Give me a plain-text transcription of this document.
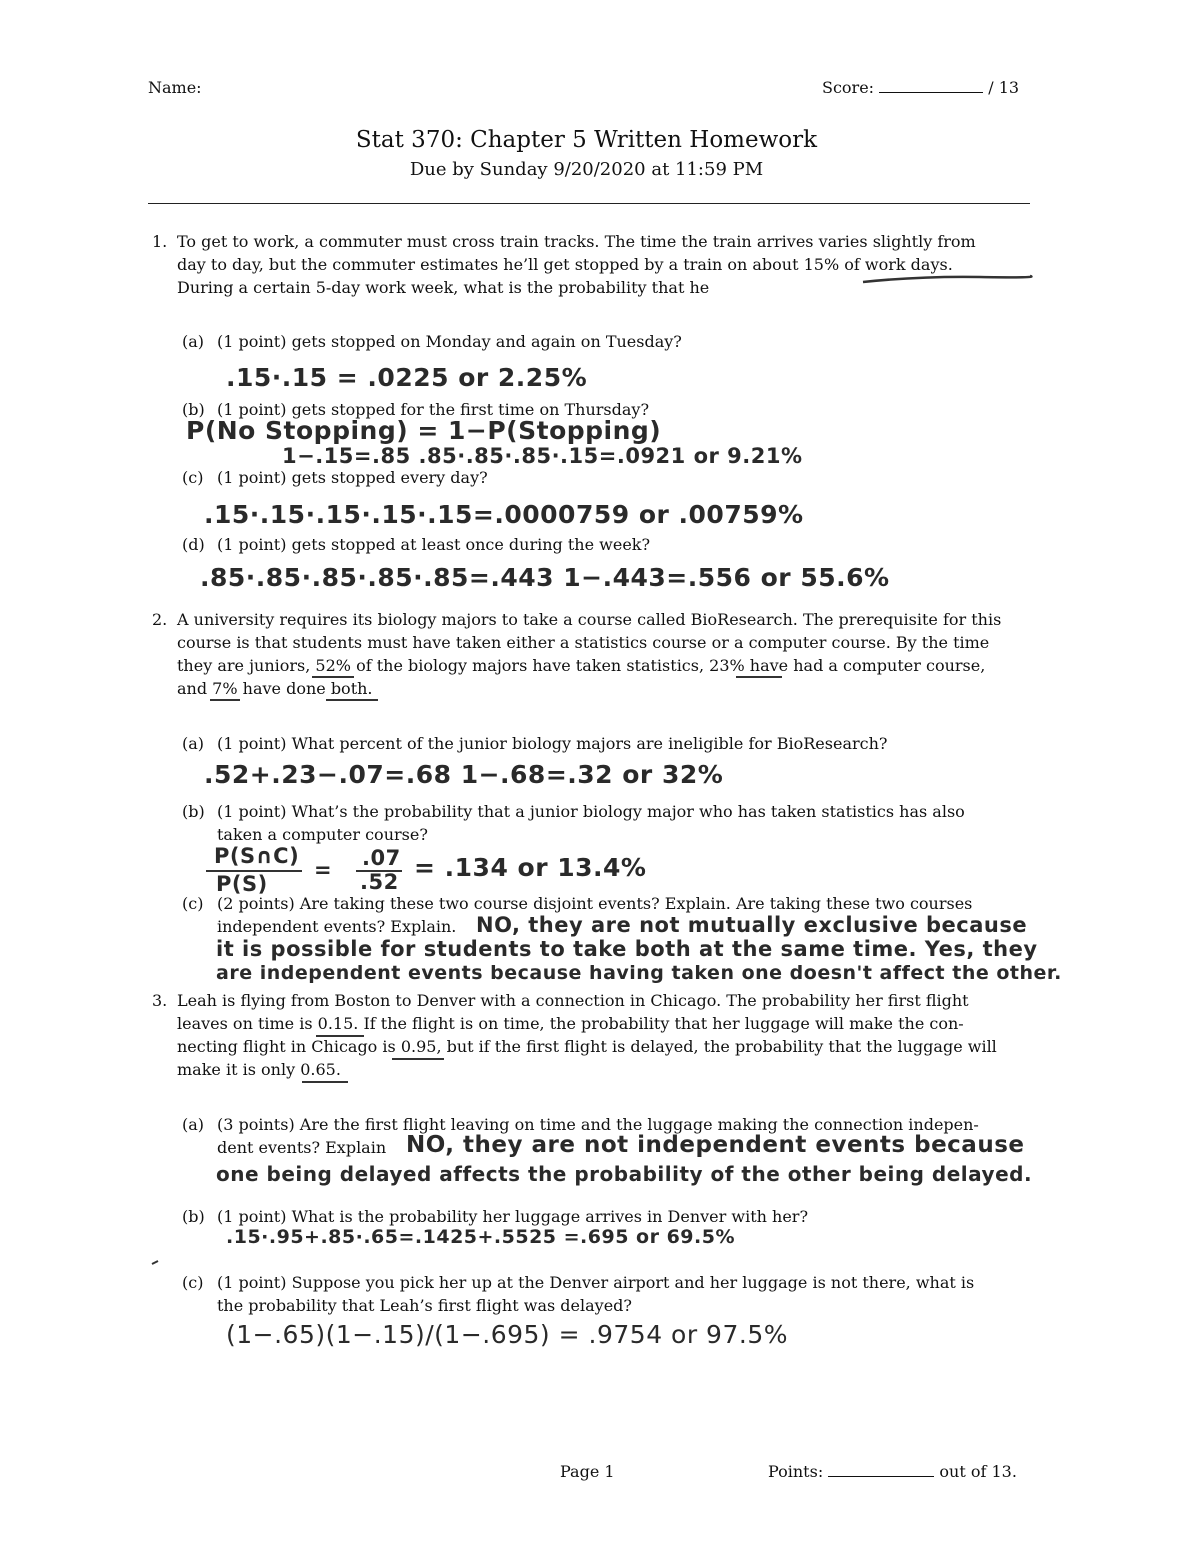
Name:	Score:	/ 13
Stat 370: Chapter 5 Written Homework
Due by Sunday 9/20/2020 at 11:59 PM
1. To get to work, a commuter must cross train tracks. The time the train arrives varies slightly from
day to day, but the commuter estimates he’ll get stopped by a train on about 15% of work days.
During a certain 5-day work week, what is the probability that he
(a) (1 point) gets stopped on Monday and again on Tuesday?
.15·.15 = .0225 or 2.25%
(b) (1 point) gets stopped for the first time on Thursday?
P(No Stopping) = 1−P(Stopping)
1−.15=.85 .85·.85·.85·.15=.0921 or 9.21%
(c) (1 point) gets stopped every day?
.15·.15·.15·.15·.15=.0000759 or .00759%
(d) (1 point) gets stopped at least once during the week?
.85·.85·.85·.85·.85=.443 1−.443=.556 or 55.6%
2. A university requires its biology majors to take a course called BioResearch. The prerequisite for this
course is that students must have taken either a statistics course or a computer course. By the time
they are juniors, 52% of the biology majors have taken statistics, 23% have had a computer course,
and 7% have done both.
(a) (1 point) What percent of the junior biology majors are ineligible for BioResearch?
.52+.23−.07=.68 1−.68=.32 or 32%
(b) (1 point) What’s the probability that a junior biology major who has taken statistics has also
taken a computer course?
P(S∩C)
P(S)
= .07
.52 = .134 or 13.4%
(c) (2 points) Are taking these two course disjoint events? Explain. Are taking these two courses
independent events? Explain. NO, they are not mutually exclusive because
it is possible for students to take both at the same time. Yes, they
are independent events because having taken one doesn't affect the other.
3. Leah is flying from Boston to Denver with a connection in Chicago. The probability her first flight
leaves on time is 0.15. If the flight is on time, the probability that her luggage will make the con-
necting flight in Chicago is 0.95, but if the first flight is delayed, the probability that the luggage will
make it is only 0.65.
(a) (3 points) Are the first flight leaving on time and the luggage making the connection indepen-
dent events? Explain NO, they are not independent events because
one being delayed affects the probability of the other being delayed.
(b) (1 point) What is the probability her luggage arrives in Denver with her?
.15·.95+.85·.65=.1425+.5525 =.695 or 69.5%
(c) (1 point) Suppose you pick her up at the Denver airport and her luggage is not there, what is
the probability that Leah’s first flight was delayed?
(1−.65)(1−.15)/(1−.695) = .9754 or 97.5%
Page 1	Points:	out of 13.
